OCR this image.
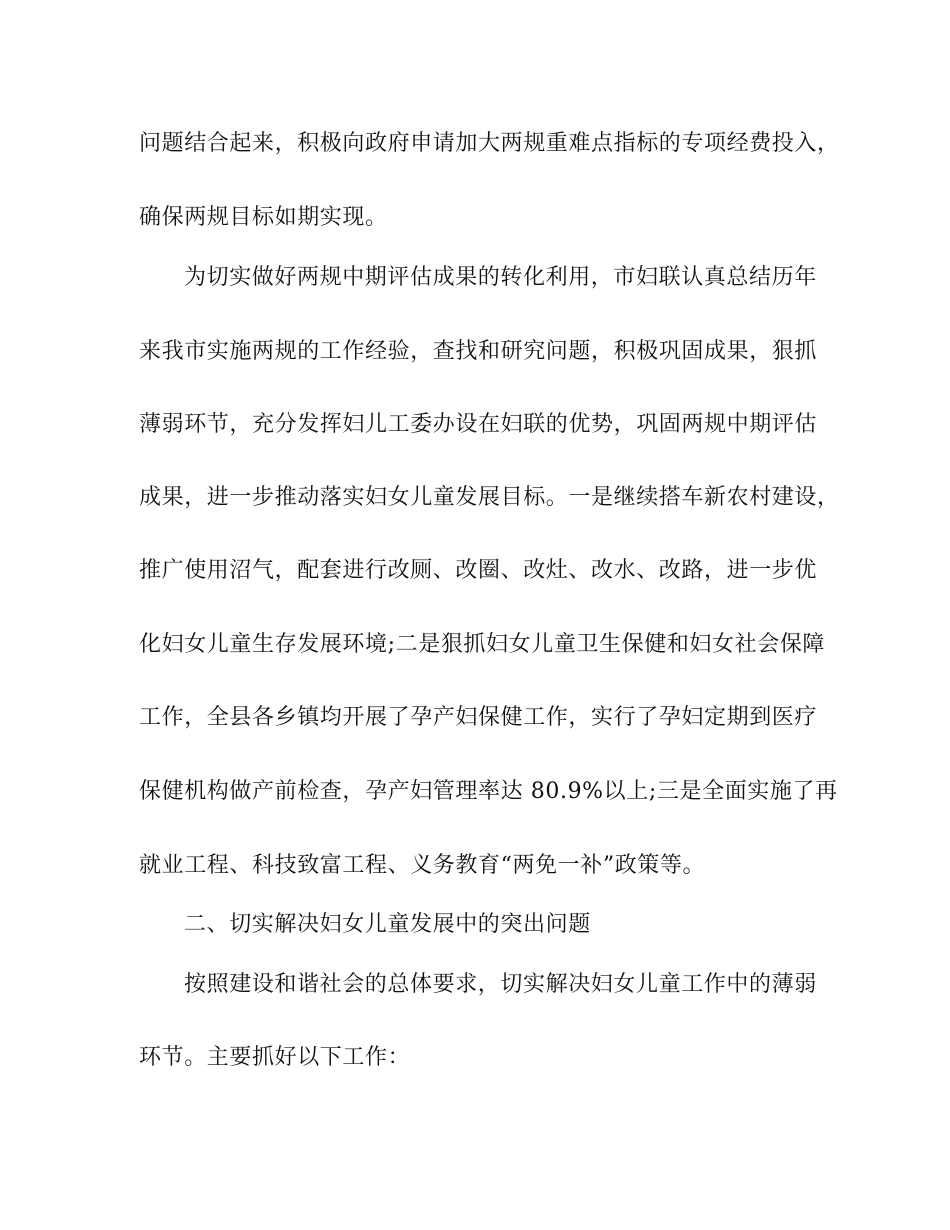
问题结合起来，积极向政府申请加大两规重难点指标的专项经费投入，
确保两规目标如期实现。
为切实做好两规中期评估成果的转化利用，市妇联认真总结历年
来我市实施两规的工作经验，查找和研究问题，积极巩固成果，狠抓
薄弱环节，充分发挥妇儿工委办设在妇联的优势，巩固两规中期评估
成果，进一步推动落实妇女儿童发展目标。一是继续搭车新农村建设，
推广使用沼气，配套进行改厕、改圈、改灶、改水、改路，进一步优
化妇女儿童生存发展环境;二是狠抓妇女儿童卫生保健和妇女社会保障
工作，全县各乡镇均开展了孕产妇保健工作，实行了孕妇定期到医疗
保健机构做产前检查，孕产妇管理率达 80.9%以上;三是全面实施了再
就业工程、科技致富工程、义务教育“两免一补”政策等。
二、切实解决妇女儿童发展中的突出问题
按照建设和谐社会的总体要求，切实解决妇女儿童工作中的薄弱
环节。主要抓好以下工作：
